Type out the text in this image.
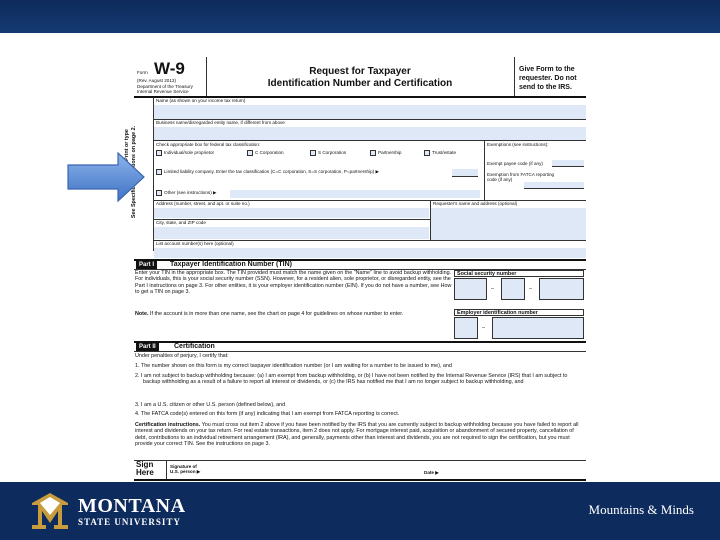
Form W-9
(Rev. August 2013)
Department of the Treasury
Internal Revenue Service
Request for Taxpayer
Identification Number and Certification
Give Form to the
requester. Do not
send to the IRS.
Print or type
Name (as shown on your income tax return)
Business name/disregarded entity name, if different from above
Check appropriate box for federal tax classification:
Individual/sole proprietor	C Corporation	S Corporation	Partnership	Trust/estate
Limited liability company. Enter the tax classification (C=C corporation, S=S corporation, P=partnership) ▶
Other (see instructions) ▶
Exemptions (see instructions):
Exempt payee code (if any)
Exemption from FATCA reporting
code (if any)
Address (number, street, and apt. or suite no.)	Requester's name and address (optional)
City, state, and ZIP code
List account number(s) here (optional)
Part I	Taxpayer Identification Number (TIN)
Enter your TIN in the appropriate box. The TIN provided must match the name given on the "Name" line to avoid backup withholding. For individuals, this is your social security number (SSN). However, for a resident alien, sole proprietor, or disregarded entity, see the Part I instructions on page 3. For other entities, it is your employer identification number (EIN). If you do not have a number, see How to get a TIN on page 3.
Note. If the account is in more than one name, see the chart on page 4 for guidelines on whose number to enter.
Social security number
–	–
Employer identification number
–
Part II	Certification
Under penalties of perjury, I certify that:
1. The number shown on this form is my correct taxpayer identification number (or I am waiting for a number to be issued to me), and
2. I am not subject to backup withholding because: (a) I am exempt from backup withholding, or (b) I have not been notified by the Internal Revenue Service (IRS) that I am subject to backup withholding as a result of a failure to report all interest or dividends, or (c) the IRS has notified me that I am no longer subject to backup withholding, and
3. I am a U.S. citizen or other U.S. person (defined below), and
4. The FATCA code(s) entered on this form (if any) indicating that I am exempt from FATCA reporting is correct.
Certification instructions. You must cross out item 2 above if you have been notified by the IRS that you are currently subject to backup withholding because you have failed to report all interest and dividends on your tax return. For real estate transactions, item 2 does not apply. For mortgage interest paid, acquisition or abandonment of secured property, cancellation of debt, contributions to an individual retirement arrangement (IRA), and generally, payments other than interest and dividends, you are not required to sign the certification, but you must provide your correct TIN. See the instructions on page 3.
Sign
Here
Signature of
U.S. person ▶	Date ▶
MONTANA
STATE UNIVERSITY
Mountains & Minds
